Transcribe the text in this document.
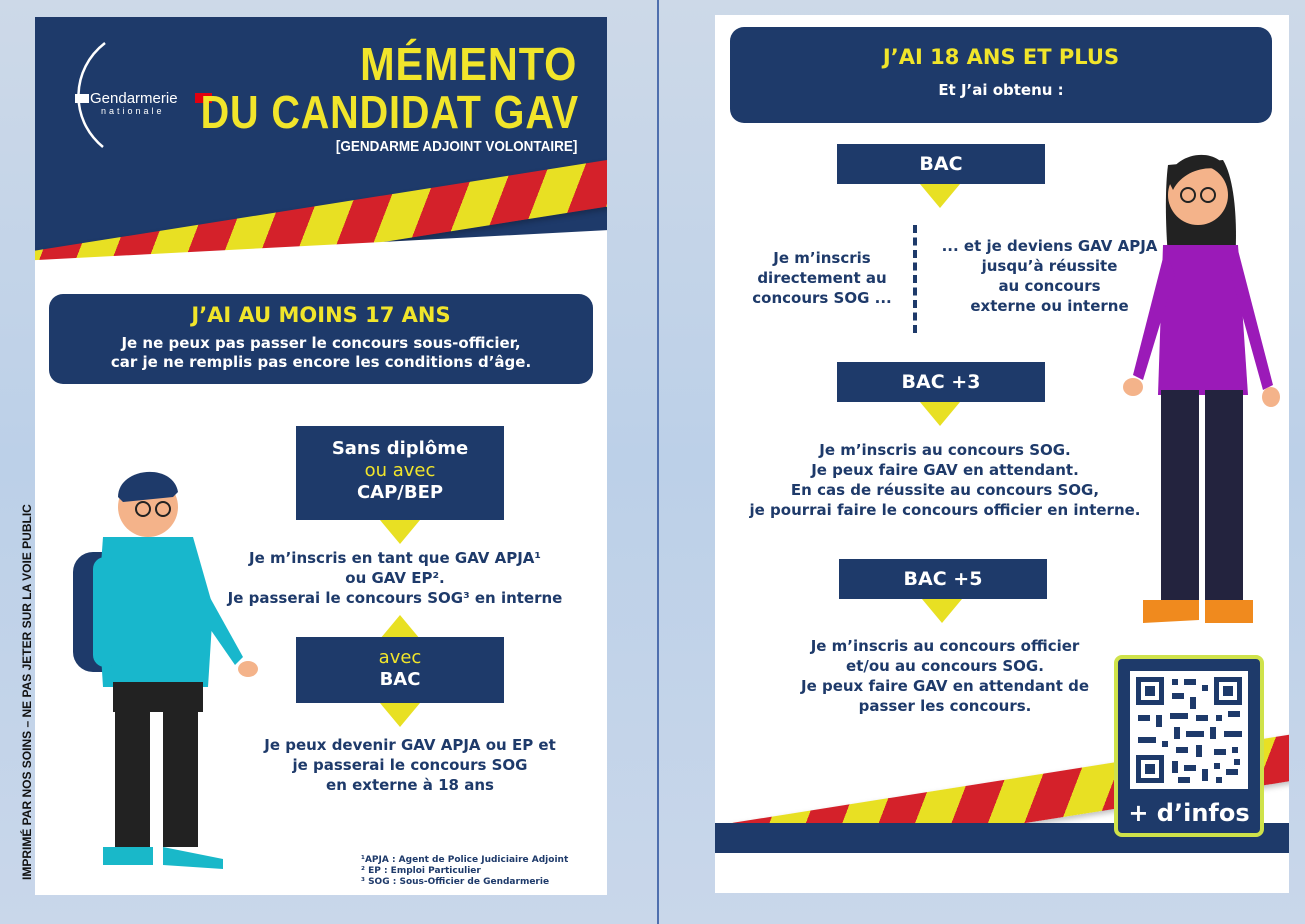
IMPRIMÉ PAR NOS SOINS – NE PAS JETER SUR LA VOIE PUBLIC
Gendarmerie
nationale
MÉMENTO
DU CANDIDAT GAV
[GENDARME ADJOINT VOLONTAIRE]
J’AI AU MOINS 17 ANS
Je ne peux pas passer le concours sous-officier,
car je ne remplis pas encore les conditions d’âge.
Sans diplôme
ou avec
CAP/BEP
Je m’inscris en tant que GAV APJA¹
ou GAV EP².
Je passerai le concours SOG³ en interne
avec
BAC
Je peux devenir GAV APJA ou EP et
je passerai le concours SOG
en externe à 18 ans
¹APJA : Agent de Police Judiciaire Adjoint
² EP : Emploi Particulier
³ SOG : Sous-Officier de Gendarmerie
J’AI 18 ANS ET PLUS
Et J’ai obtenu :
BAC
Je m’inscris
directement au
concours SOG ...
... et je deviens GAV APJA
jusqu’à réussite
au concours
externe ou interne
BAC +3
Je m’inscris au concours SOG.
Je peux faire GAV en attendant.
En cas de réussite au concours SOG,
je pourrai faire le concours officier en interne.
BAC +5
Je m’inscris au concours officier
et/ou au concours SOG.
Je peux faire GAV en attendant de
passer les concours.
+ d’infos
